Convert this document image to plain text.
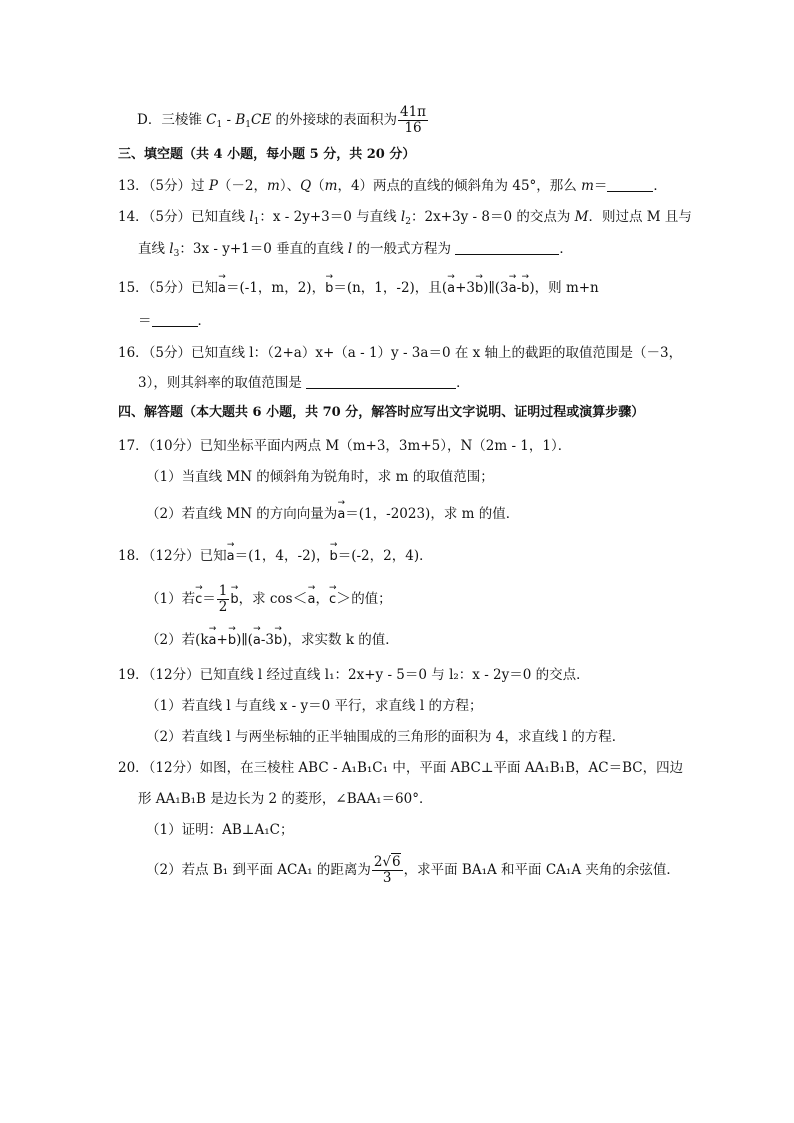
D．三棱锥 $C_1 - B_1CE$ 的外接球的表面积为 $\frac{41\pi}{16}$
三、填空题（共 4 小题，每小题 5 分，共 20 分）
13．（5分）过 P（－2，m）、Q（m，4）两点的直线的倾斜角为 45°，那么 m＝	．
14．（5分）已知直线 $l_1$：x - 2y+3＝0 与直线 $l_2$：2x+3y - 8＝0 的交点为 M．则过点 M 且与
直线 $l_3$：3x - y+1＝0 垂直的直线 l 的一般式方程为	．
15．（5分）已知→ a＝(-1，m，2)，→ b＝(n，1，-2)，且(→ a+3→ b)∥(3→ a-→ b)，则 m+n
＝	．
16．（5分）已知直线 l：（2+a）x+（a - 1）y - 3a＝0 在 x 轴上的截距的取值范围是（－3，
3），则其斜率的取值范围是	．
四、解答题（本大题共 6 小题，共 70 分，解答时应写出文字说明、证明过程或演算步骤）
17．（10分）已知坐标平面内两点 M（m+3，3m+5），N（2m - 1，1）．
（1）当直线 MN 的倾斜角为锐角时，求 m 的取值范围；
（2）若直线 MN 的方向向量为→ a＝(1，-2023)，求 m 的值．
18．（12分）已知→ a＝(1，4，-2)，→ b＝(-2，2，4)．
（1）若→ $c= \frac{1}{2}$
→ b，求 cos＜→ a，→ c＞的值；
（2）若(k→ a+→ b)∥(→ a-3→ b)，求实数 k 的值．
19．（12分）已知直线 l 经过直线 l₁：2x+y - 5＝0 与 l₂：x - 2y＝0 的交点．
（1）若直线 l 与直线 x - y＝0 平行，求直线 l 的方程；
（2）若直线 l 与两坐标轴的正半轴围成的三角形的面积为 4，求直线 l 的方程．
20．（12分）如图，在三棱柱 ABC - A₁B₁C₁ 中，平面 ABC⊥平面 AA₁B₁B，AC＝BC，四边
形 AA₁B₁B 是边长为 2 的菱形，∠BAA₁＝60°．
（1）证明：AB⊥A₁C；
（2）若点 B₁ 到平面 ACA₁ 的距离为 $\frac{2√6}{3}$ ，求平面 BA₁A 和平面 CA₁A 夹角的余弦值．
